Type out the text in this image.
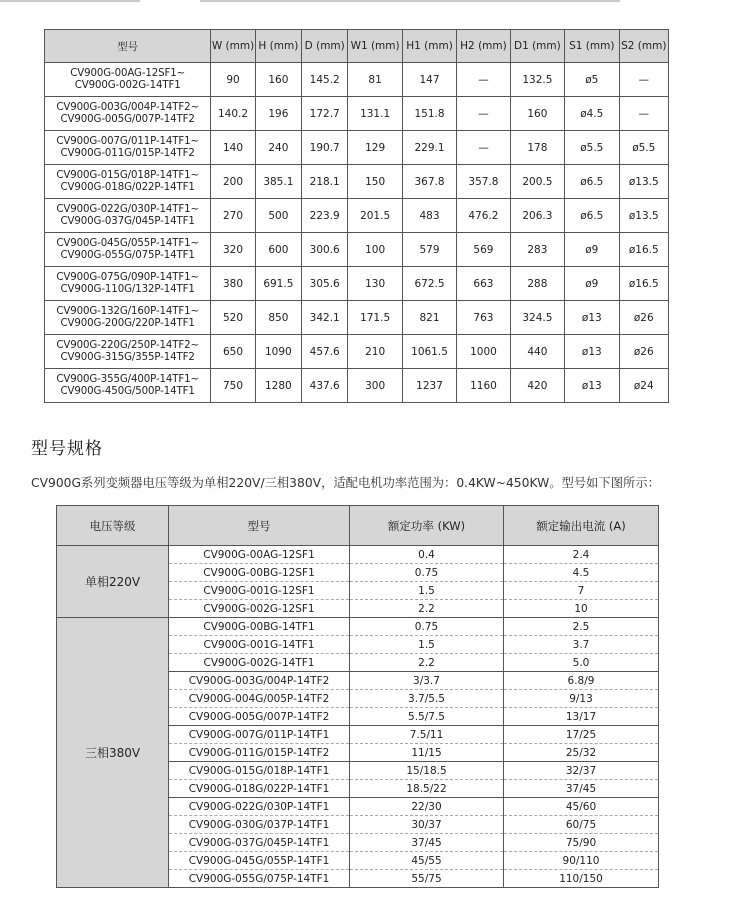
型号	W (mm)	H (mm)	D (mm)	W1 (mm)	H1 (mm)	H2 (mm)	D1 (mm)	S1 (mm)	S2 (mm)

CV900G-00AG-12SF1~
CV900G-002G-14TF1	90	160	145.2	81	147	—	132.5	ø5	—

CV900G-003G/004P-14TF2~
CV900G-005G/007P-14TF2	140.2	196	172.7	131.1	151.8	—	160	ø4.5	—

CV900G-007G/011P-14TF1~
CV900G-011G/015P-14TF2	140	240	190.7	129	229.1	—	178	ø5.5	ø5.5

CV900G-015G/018P-14TF1~
CV900G-018G/022P-14TF1	200	385.1	218.1	150	367.8	357.8	200.5	ø6.5	ø13.5

CV900G-022G/030P-14TF1~
CV900G-037G/045P-14TF1	270	500	223.9	201.5	483	476.2	206.3	ø6.5	ø13.5

CV900G-045G/055P-14TF1~
CV900G-055G/075P-14TF1	320	600	300.6	100	579	569	283	ø9	ø16.5

CV900G-075G/090P-14TF1~
CV900G-110G/132P-14TF1	380	691.5	305.6	130	672.5	663	288	ø9	ø16.5

CV900G-132G/160P-14TF1~
CV900G-200G/220P-14TF1	520	850	342.1	171.5	821	763	324.5	ø13	ø26

CV900G-220G/250P-14TF2~
CV900G-315G/355P-14TF2	650	1090	457.6	210	1061.5	1000	440	ø13	ø26

CV900G-355G/400P-14TF1~
CV900G-450G/500P-14TF1	750	1280	437.6	300	1237	1160	420	ø13	ø24
型号规格
CV900G系列变频器电压等级为单相220V/三相380V，适配电机功率范围为：0.4KW~450KW。型号如下图所示：
电压等级	型号	额定功率 (KW)	额定输出电流 (A)
单相220V	CV900G-00AG-12SF1	0.4	2.4
	CV900G-00BG-12SF1	0.75	4.5
	CV900G-001G-12SF1	1.5	7
	CV900G-002G-12SF1	2.2	10
三相380V	CV900G-00BG-14TF1	0.75	2.5
	CV900G-001G-14TF1	1.5	3.7
	CV900G-002G-14TF1	2.2	5.0
	CV900G-003G/004P-14TF2	3/3.7	6.8/9
	CV900G-004G/005P-14TF2	3.7/5.5	9/13
	CV900G-005G/007P-14TF2	5.5/7.5	13/17
	CV900G-007G/011P-14TF1	7.5/11	17/25
	CV900G-011G/015P-14TF2	11/15	25/32
	CV900G-015G/018P-14TF1	15/18.5	32/37
	CV900G-018G/022P-14TF1	18.5/22	37/45
	CV900G-022G/030P-14TF1	22/30	45/60
	CV900G-030G/037P-14TF1	30/37	60/75
	CV900G-037G/045P-14TF1	37/45	75/90
	CV900G-045G/055P-14TF1	45/55	90/110
	CV900G-055G/075P-14TF1	55/75	110/150
